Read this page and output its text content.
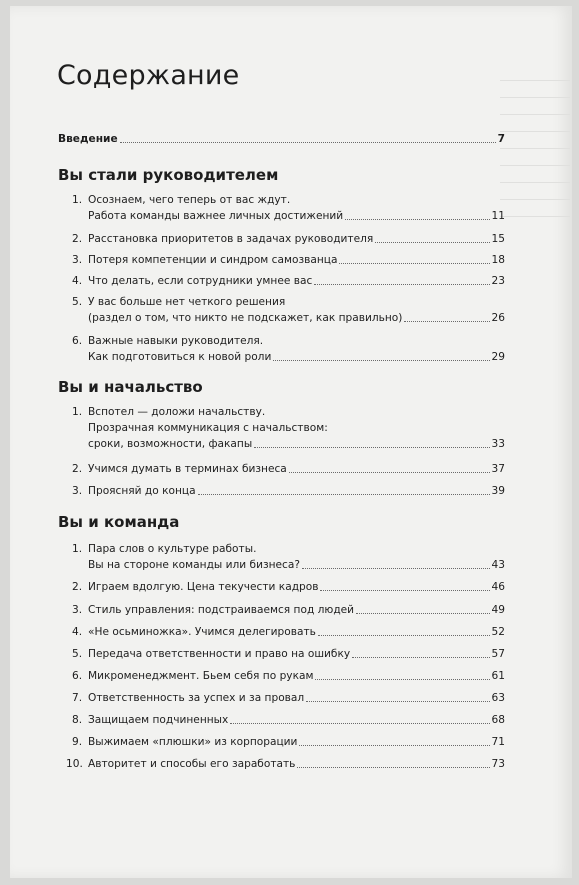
Содержание
Введение	7
Вы стали руководителем
1. Осознаем, чего теперь от вас ждут.
Работа команды важнее личных достижений	11
2. Расстановка приоритетов в задачах руководителя	15
3. Потеря компетенции и синдром самозванца	18
4. Что делать, если сотрудники умнее вас	23
5. У вас больше нет четкого решения
(раздел о том, что никто не подскажет, как правильно)	26
6. Важные навыки руководителя.
Как подготовиться к новой роли	29
Вы и начальство
1. Вспотел — доложи начальству.
Прозрачная коммуникация с начальством:
сроки, возможности, факапы	33
2. Учимся думать в терминах бизнеса	37
3. Проясняй до конца	39
Вы и команда
1. Пара слов о культуре работы.
Вы на стороне команды или бизнеса?	43
2. Играем вдолгую. Цена текучести кадров	46
3. Стиль управления: подстраиваемся под людей	49
4. «Не осьминожка». Учимся делегировать	52
5. Передача ответственности и право на ошибку	57
6. Микроменеджмент. Бьем себя по рукам	61
7. Ответственность за успех и за провал	63
8. Защищаем подчиненных	68
9. Выжимаем «плюшки» из корпорации	71
10. Авторитет и способы его заработать	73
